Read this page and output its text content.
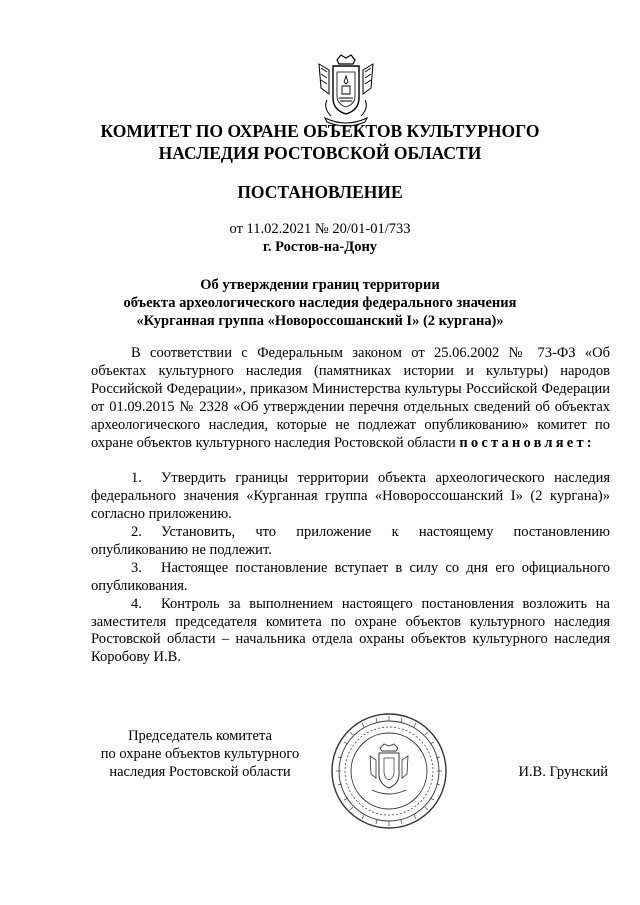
КОМИТЕТ ПО ОХРАНЕ ОБЪЕКТОВ КУЛЬТУРНОГО
НАСЛЕДИЯ РОСТОВСКОЙ ОБЛАСТИ
ПОСТАНОВЛЕНИЕ
от 11.02.2021 № 20/01-01/733
г. Ростов-на-Дону
Об утверждении границ территории
объекта археологического наследия федерального значения
«Курганная группа «Новороссошанский I» (2 кургана)»

В соответствии с Федеральным законом от 25.06.2002 № 73-ФЗ «Об объектах культурного наследия (памятниках истории и культуры) народов Российской Федерации», приказом Министерства культуры Российской Федерации от 01.09.2015 № 2328 «Об утверждении перечня отдельных сведений об объектах археологического наследия, которые не подлежат опубликованию» комитет по охране объектов культурного наследия Ростовской области постановляет:

1. Утвердить границы территории объекта археологического наследия федерального значения «Курганная группа «Новороссошанский I» (2 кургана)» согласно приложению.

2. Установить, что приложение к настоящему постановлению опубликованию не подлежит.

3. Настоящее постановление вступает в силу со дня его официального опубликования.

4. Контроль за выполнением настоящего постановления возложить на заместителя председателя комитета по охране объектов культурного наследия Ростовской области – начальника отдела охраны объектов культурного наследия Коробову И.В.

Председатель комитета
по охране объектов культурного
наследия Ростовской области	И.В. Грунский
